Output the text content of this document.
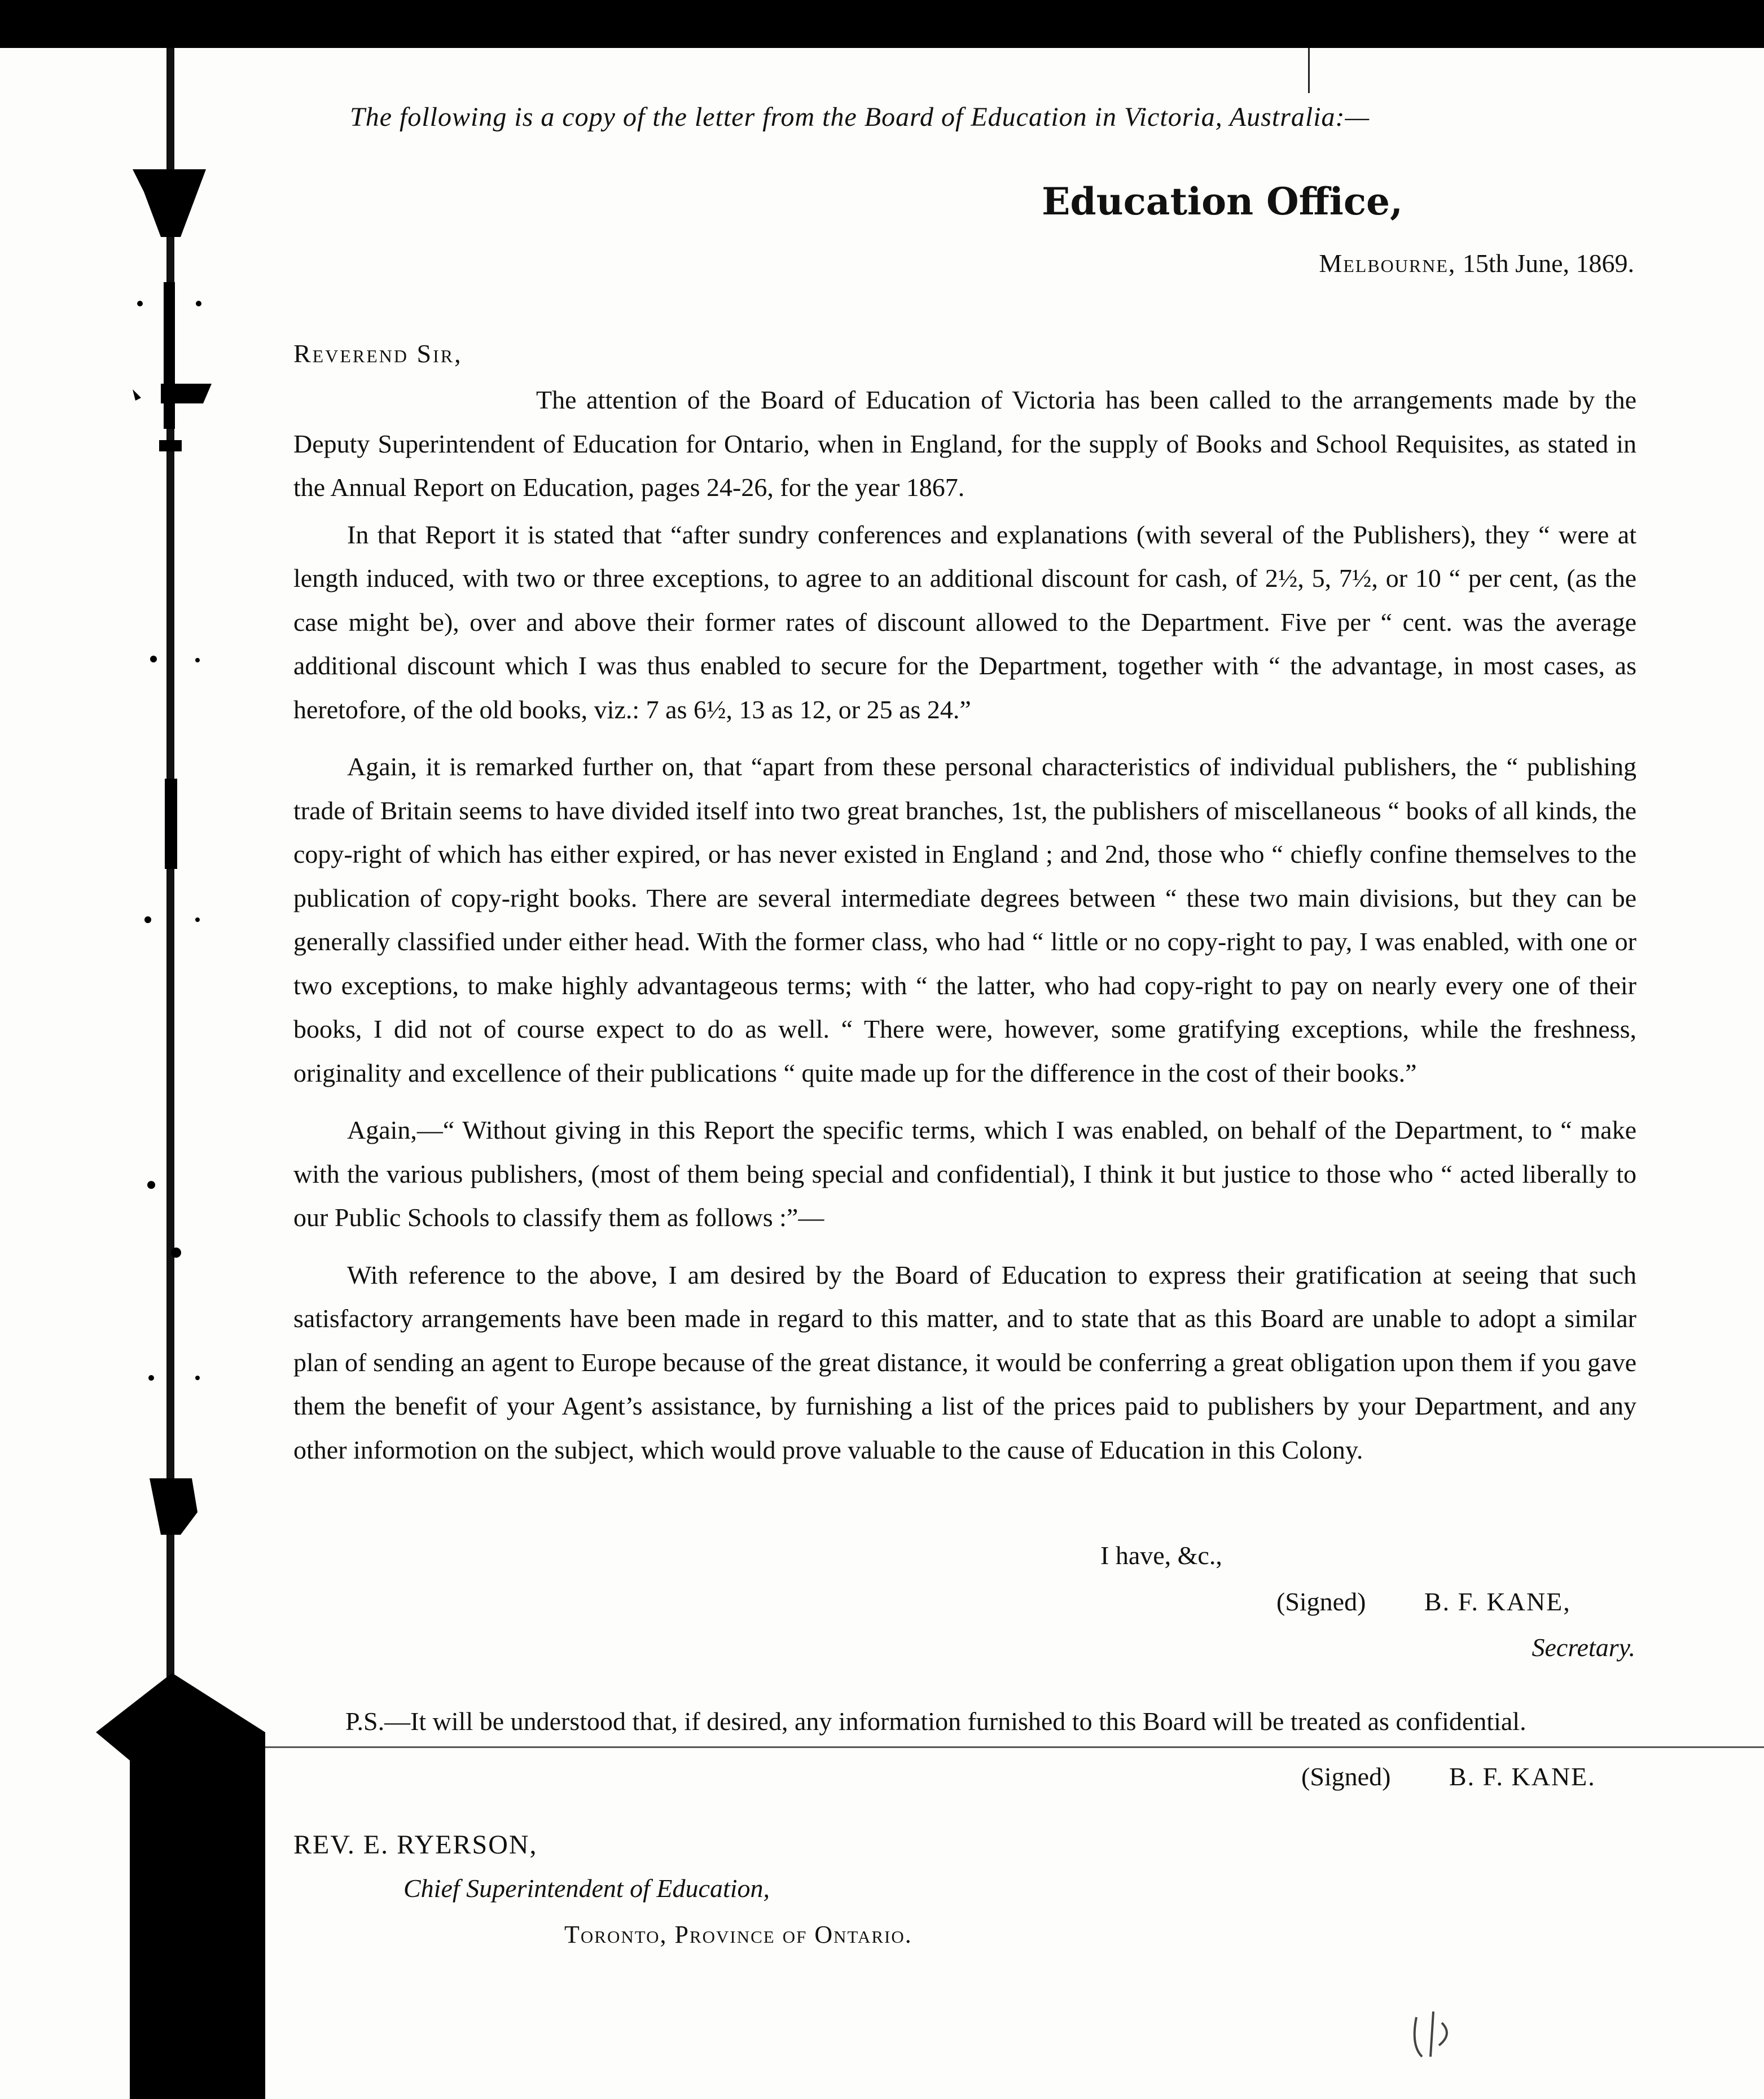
The following is a copy of the letter from the Board of Education in Victoria, Australia:—
Education Office,
Melbourne, 15th June, 1869.
Reverend Sir,

The attention of the Board of Education of Victoria has been called to the arrangements made by the Deputy Superintendent of Education for Ontario, when in England, for the supply of Books and School Requisites, as stated in the Annual Report on Education, pages 24-26, for the year 1867.

In that Report it is stated that “after sundry conferences and explanations (with several of the Publishers), they “ were at length induced, with two or three exceptions, to agree to an additional discount for cash, of 2½, 5, 7½, or 10 “ per cent, (as the case might be), over and above their former rates of discount allowed to the Department. Five per “ cent. was the average additional discount which I was thus enabled to secure for the Department, together with “ the advantage, in most cases, as heretofore, of the old books, viz.: 7 as 6½, 13 as 12, or 25 as 24.”

Again, it is remarked further on, that “apart from these personal characteristics of individual publishers, the “ publishing trade of Britain seems to have divided itself into two great branches, 1st, the publishers of miscellaneous “ books of all kinds, the copy-right of which has either expired, or has never existed in England ; and 2nd, those who “ chiefly confine themselves to the publication of copy-right books. There are several intermediate degrees between “ these two main divisions, but they can be generally classified under either head. With the former class, who had “ little or no copy-right to pay, I was enabled, with one or two exceptions, to make highly advantageous terms; with “ the latter, who had copy-right to pay on nearly every one of their books, I did not of course expect to do as well. “ There were, however, some gratifying exceptions, while the freshness, originality and excellence of their publications “ quite made up for the difference in the cost of their books.”

Again,—“ Without giving in this Report the specific terms, which I was enabled, on behalf of the Department, to “ make with the various publishers, (most of them being special and confidential), I think it but justice to those who “ acted liberally to our Public Schools to classify them as follows :”—

With reference to the above, I am desired by the Board of Education to express their gratification at seeing that such satisfactory arrangements have been made in regard to this matter, and to state that as this Board are unable to adopt a similar plan of sending an agent to Europe because of the great distance, it would be conferring a great obligation upon them if you gave them the benefit of your Agent’s assistance, by furnishing a list of the prices paid to publishers by your Department, and any other informotion on the subject, which would prove valuable to the cause of Education in this Colony.

I have, &c.,
(Signed) B. F. KANE,
Secretary.
P.S.—It will be understood that, if desired, any information furnished to this Board will be treated as confidential.
(Signed) B. F. KANE.
REV. E. RYERSON,
Chief Superintendent of Education,
Toronto, Province of Ontario.
